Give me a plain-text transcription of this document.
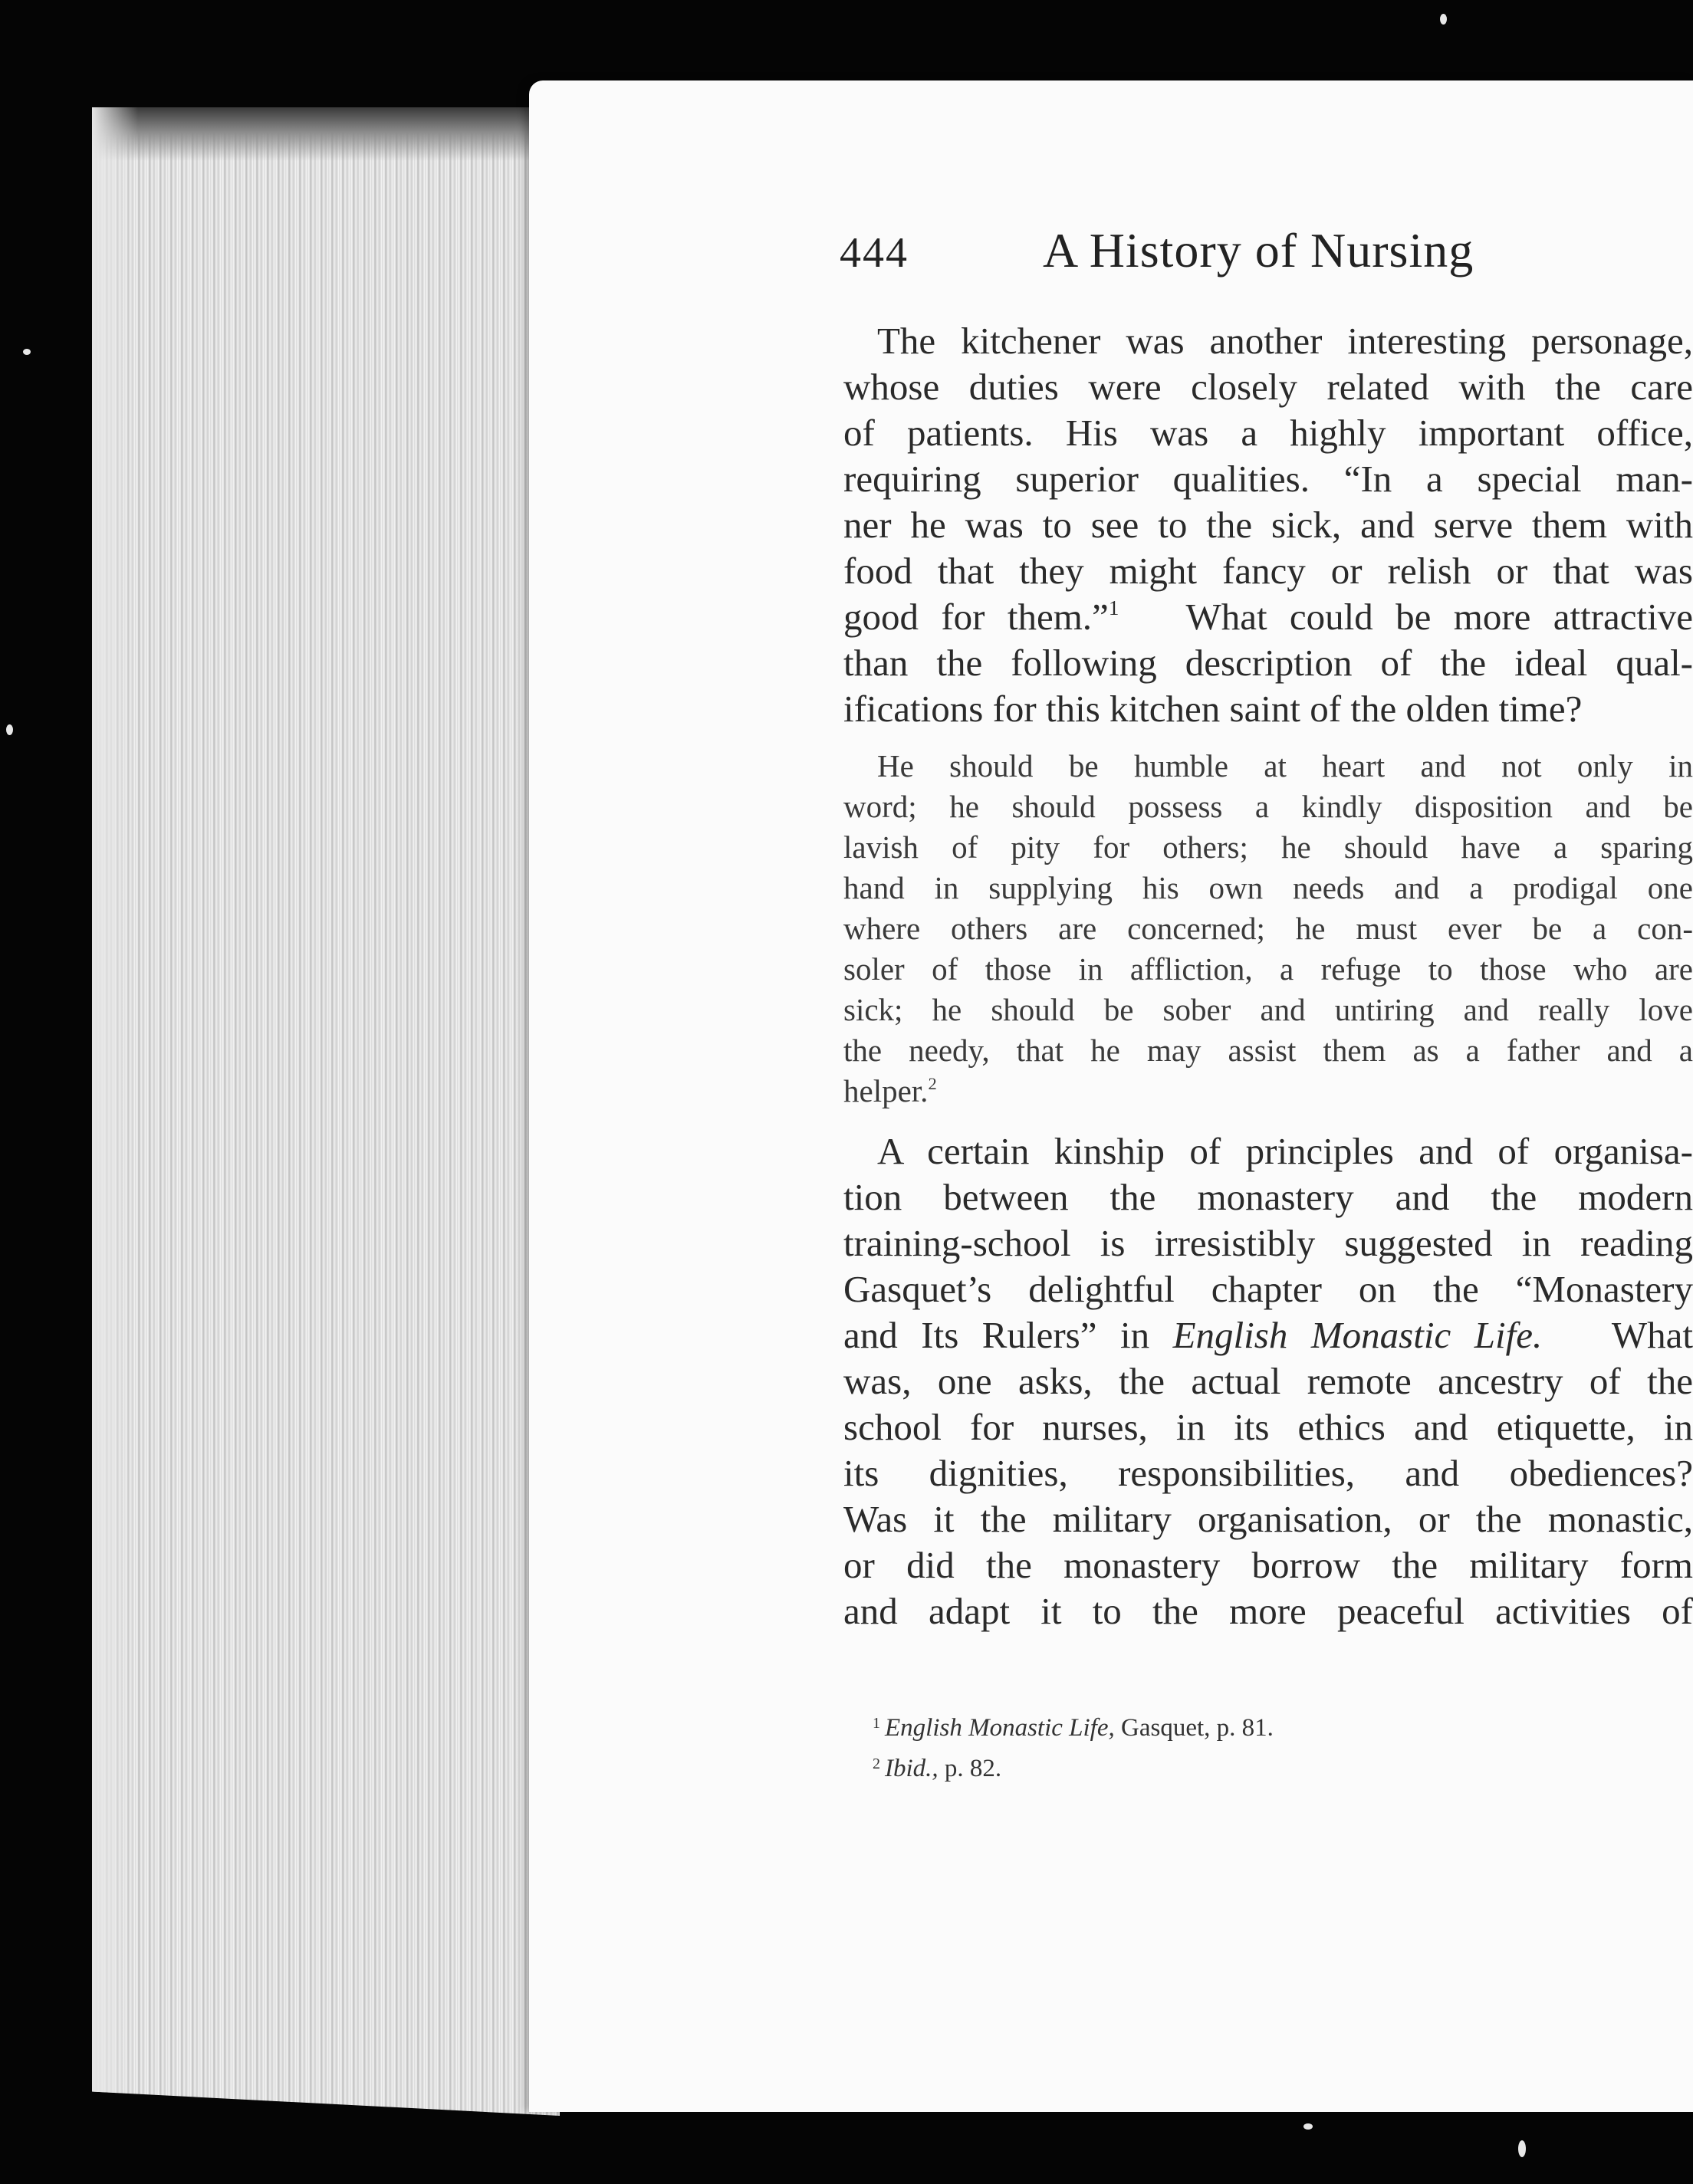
444	A History of Nursing

The kitchener was another interesting personage,
whose duties were closely related with the care
of patients. His was a highly important office,
requiring superior qualities. “In a special man-
ner he was to see to the sick, and serve them with
food that they might fancy or relish or that was
good for them.”$^1$ What could be more attractive
than the following description of the ideal qual-
ifications for this kitchen saint of the olden time?

He should be humble at heart and not only in
word; he should possess a kindly disposition and be
lavish of pity for others; he should have a sparing
hand in supplying his own needs and a prodigal one
where others are concerned; he must ever be a con-
soler of those in affliction, a refuge to those who are
sick; he should be sober and untiring and really love
the needy, that he may assist them as a father and a
helper.$^2$

A certain kinship of principles and of organisa-
tion between the monastery and the modern
training-school is irresistibly suggested in reading
Gasquet’s delightful chapter on the “Monastery
and Its Rulers” in English Monastic Life. What
was, one asks, the actual remote ancestry of the
school for nurses, in its ethics and etiquette, in
its dignities, responsibilities, and obediences?
Was it the military organisation, or the monastic,
or did the monastery borrow the military form
and adapt it to the more peaceful activities of

$^1$ English Monastic Life, Gasquet, p. 81.
$^2$ Ibid., p. 82.
